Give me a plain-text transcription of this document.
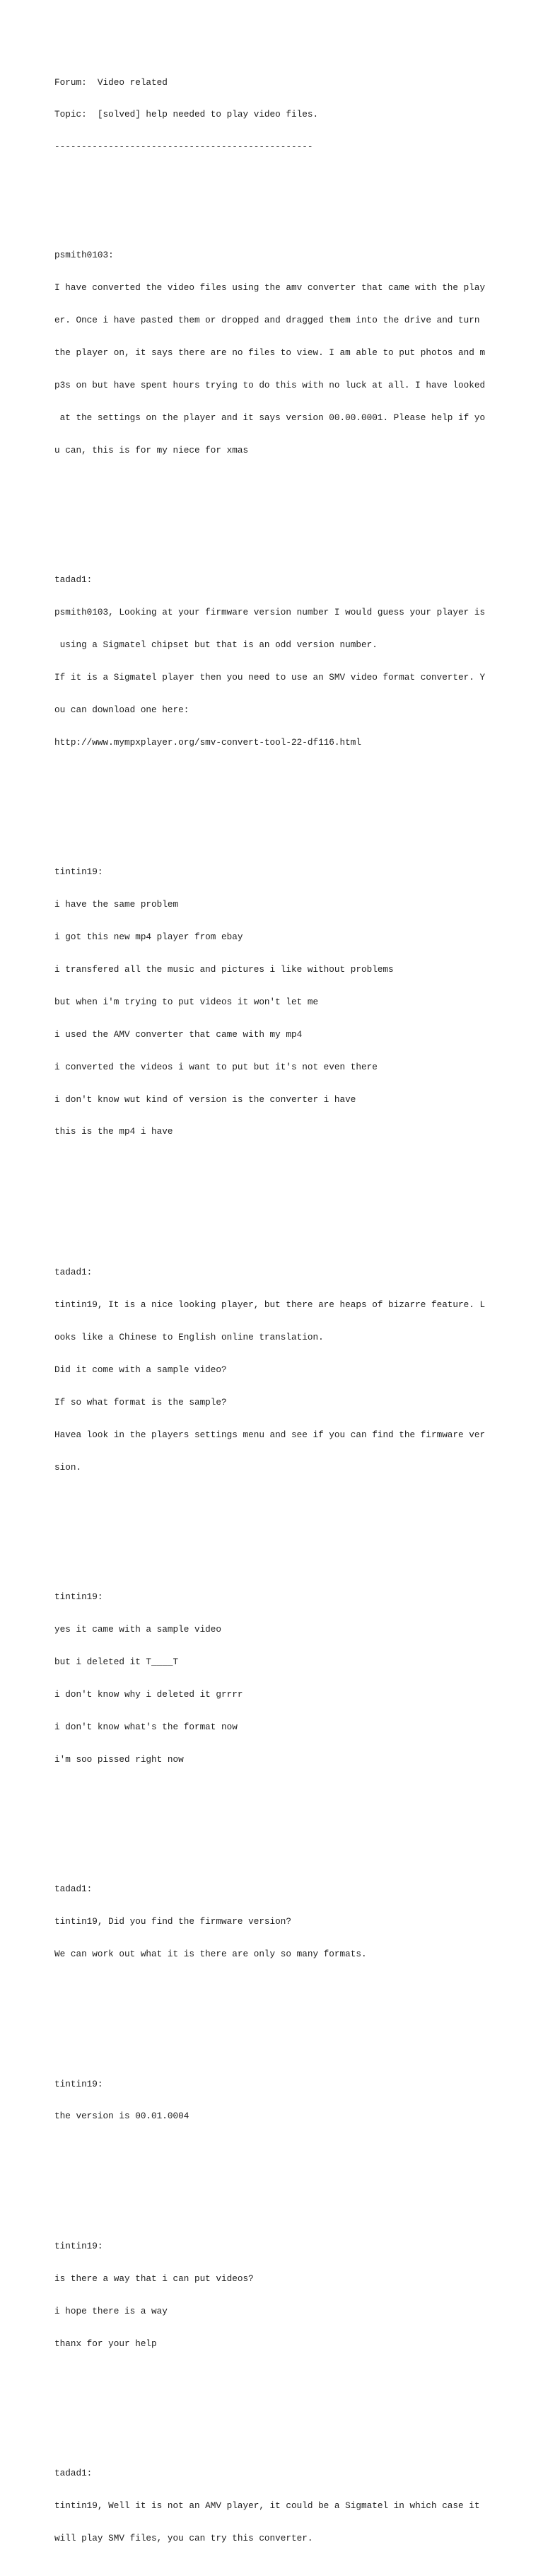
Forum:  Video related

Topic:  [solved] help needed to play video files.

------------------------------------------------

psmith0103:

I have converted the video files using the amv converter that came with the play

er. Once i have pasted them or dropped and dragged them into the drive and turn

the player on, it says there are no files to view. I am able to put photos and m

p3s on but have spent hours trying to do this with no luck at all. I have looked

at the settings on the player and it says version 00.00.0001. Please help if yo

u can, this is for my niece for xmas

tadad1:

psmith0103, Looking at your firmware version number I would guess your player is

using a Sigmatel chipset but that is an odd version number.

If it is a Sigmatel player then you need to use an SMV video format converter. Y

ou can download one here:

http://www.mympxplayer.org/smv-convert-tool-22-df116.html

tintin19:

i have the same problem

i got this new mp4 player from ebay

i transfered all the music and pictures i like without problems

but when i'm trying to put videos it won't let me

i used the AMV converter that came with my mp4

i converted the videos i want to put but it's not even there

i don't know wut kind of version is the converter i have

this is the mp4 i have

tadad1:

tintin19, It is a nice looking player, but there are heaps of bizarre feature. L

ooks like a Chinese to English online translation.

Did it come with a sample video?

If so what format is the sample?

Havea look in the players settings menu and see if you can find the firmware ver

sion.

tintin19:

yes it came with a sample video

but i deleted it T____T

i don't know why i deleted it grrrr

i don't know what's the format now

i'm soo pissed right now

tadad1:

tintin19, Did you find the firmware version?

We can work out what it is there are only so many formats.

tintin19:

the version is 00.01.0004

tintin19:

is there a way that i can put videos?

i hope there is a way

thanx for your help

tadad1:

tintin19, Well it is not an AMV player, it could be a Sigmatel in which case it

will play SMV files, you can try this converter.
